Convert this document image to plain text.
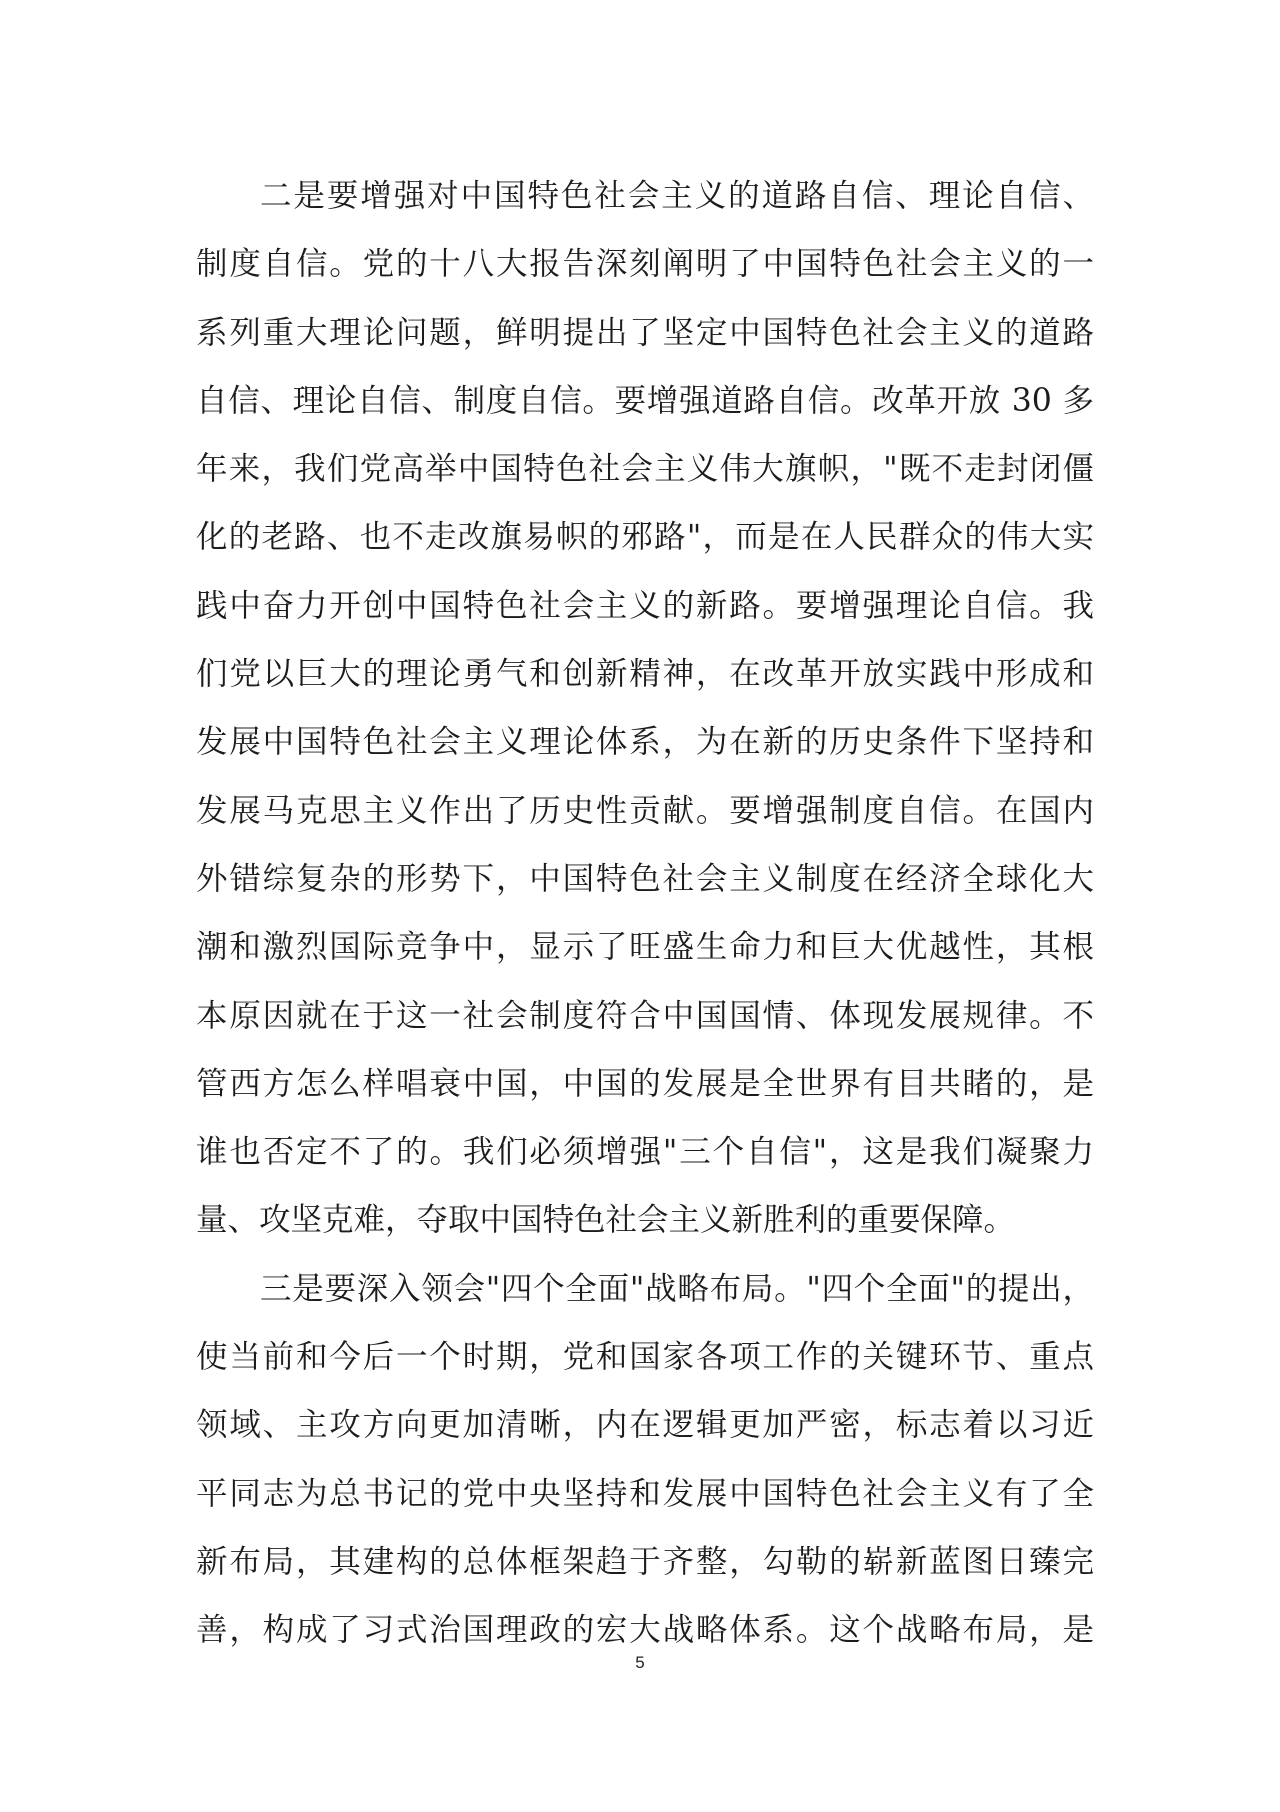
二是要增强对中国特色社会主义的道路自信、理论自信、
制度自信。党的十八大报告深刻阐明了中国特色社会主义的一
系列重大理论问题，鲜明提出了坚定中国特色社会主义的道路
自信、理论自信、制度自信。要增强道路自信。改革开放 30 多
年来，我们党高举中国特色社会主义伟大旗帜，"既不走封闭僵
化的老路、也不走改旗易帜的邪路"，而是在人民群众的伟大实
践中奋力开创中国特色社会主义的新路。要增强理论自信。我
们党以巨大的理论勇气和创新精神，在改革开放实践中形成和
发展中国特色社会主义理论体系，为在新的历史条件下坚持和
发展马克思主义作出了历史性贡献。要增强制度自信。在国内
外错综复杂的形势下，中国特色社会主义制度在经济全球化大
潮和激烈国际竞争中，显示了旺盛生命力和巨大优越性，其根
本原因就在于这一社会制度符合中国国情、体现发展规律。不
管西方怎么样唱衰中国，中国的发展是全世界有目共睹的，是
谁也否定不了的。我们必须增强"三个自信"，这是我们凝聚力
量、攻坚克难，夺取中国特色社会主义新胜利的重要保障。
三是要深入领会"四个全面"战略布局。"四个全面"的提出，
使当前和今后一个时期，党和国家各项工作的关键环节、重点
领域、主攻方向更加清晰，内在逻辑更加严密，标志着以习近
平同志为总书记的党中央坚持和发展中国特色社会主义有了全
新布局，其建构的总体框架趋于齐整，勾勒的崭新蓝图日臻完
善，构成了习式治国理政的宏大战略体系。这个战略布局，是
5
